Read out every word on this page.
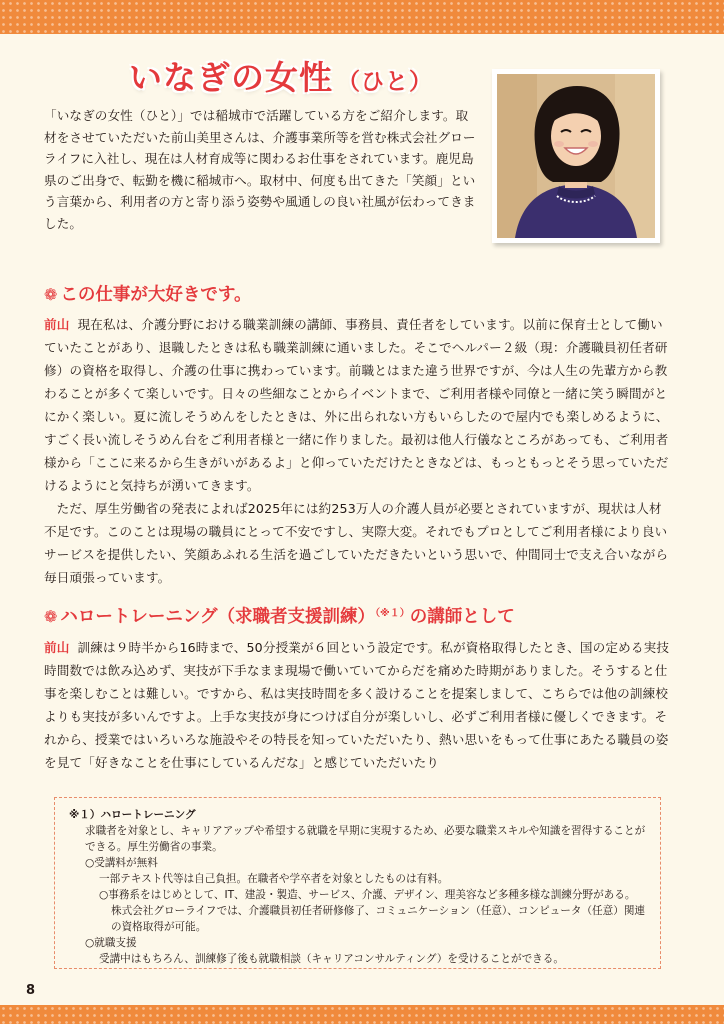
いなぎの女性 （ひと）

「いなぎの女性（ひと）」では稲城市で活躍している方をご紹介します。取材をさせていただいた前山美里さんは、介護事業所等を営む株式会社グローライフに入社し、現在は人材育成等に関わるお仕事をされています。鹿児島県のご出身で、転勤を機に稲城市へ。取材中、何度も出てきた「笑顔」という言葉から、利用者の方と寄り添う姿勢や風通しの良い社風が伝わってきました。

❁ この仕事が大好きです。

前山 現在私は、介護分野における職業訓練の講師、事務員、責任者をしています。以前に保育士として働いていたことがあり、退職したときは私も職業訓練に通いました。そこでヘルパー２級（現：介護職員初任者研修）の資格を取得し、介護の仕事に携わっています。前職とはまた違う世界ですが、今は人生の先輩方から教わることが多くて楽しいです。日々の些細なことからイベントまで、ご利用者様や同僚と一緒に笑う瞬間がとにかく楽しい。夏に流しそうめんをしたときは、外に出られない方もいらしたので屋内でも楽しめるように、すごく長い流しそうめん台をご利用者様と一緒に作りました。最初は他人行儀なところがあっても、ご利用者様から「ここに来るから生きがいがあるよ」と仰っていただけたときなどは、もっともっとそう思っていただけるようにと気持ちが湧いてきます。

ただ、厚生労働省の発表によれば2025年には約253万人の介護人員が必要とされていますが、現状は人材不足です。このことは現場の職員にとって不安ですし、実際大変。それでもプロとしてご利用者様により良いサービスを提供したい、笑顔あふれる生活を過ごしていただきたいという思いで、仲間同士で支え合いながら毎日頑張っています。

❁ ハロートレーニング（求職者支援訓練）$^{(※1)}$の講師として

前山 訓練は９時半から16時まで、50分授業が６回という設定です。私が資格取得したとき、国の定める実技時間数では飲み込めず、実技が下手なまま現場で働いていてからだを痛めた時期がありました。そうすると仕事を楽しむことは難しい。ですから、私は実技時間を多く設けることを提案しまして、こちらでは他の訓練校よりも実技が多いんですよ。上手な実技が身につけば自分が楽しいし、必ずご利用者様に優しくできます。それから、授業ではいろいろな施設やその特長を知っていただいたり、熱い思いをもって仕事にあたる職員の姿を見て「好きなことを仕事にしているんだな」と感じていただいたり

※１）ハロートレーニング
求職者を対象とし、キャリアアップや希望する就職を早期に実現するため、必要な職業スキルや知識を習得することができる。厚生労働省の事業。
○受講料が無料
一部テキスト代等は自己負担。在職者や学卒者を対象としたものは有料。
○事務系をはじめとして、IT、建設・製造、サービス、介護、デザイン、理美容など多種多様な訓練分野がある。株式会社グローライフでは、介護職員初任者研修修了、コミュニケーション（任意）、コンピュータ（任意）関連の資格取得が可能。
○就職支援
受講中はもちろん、訓練修了後も就職相談（キャリアコンサルティング）を受けることができる。
8
